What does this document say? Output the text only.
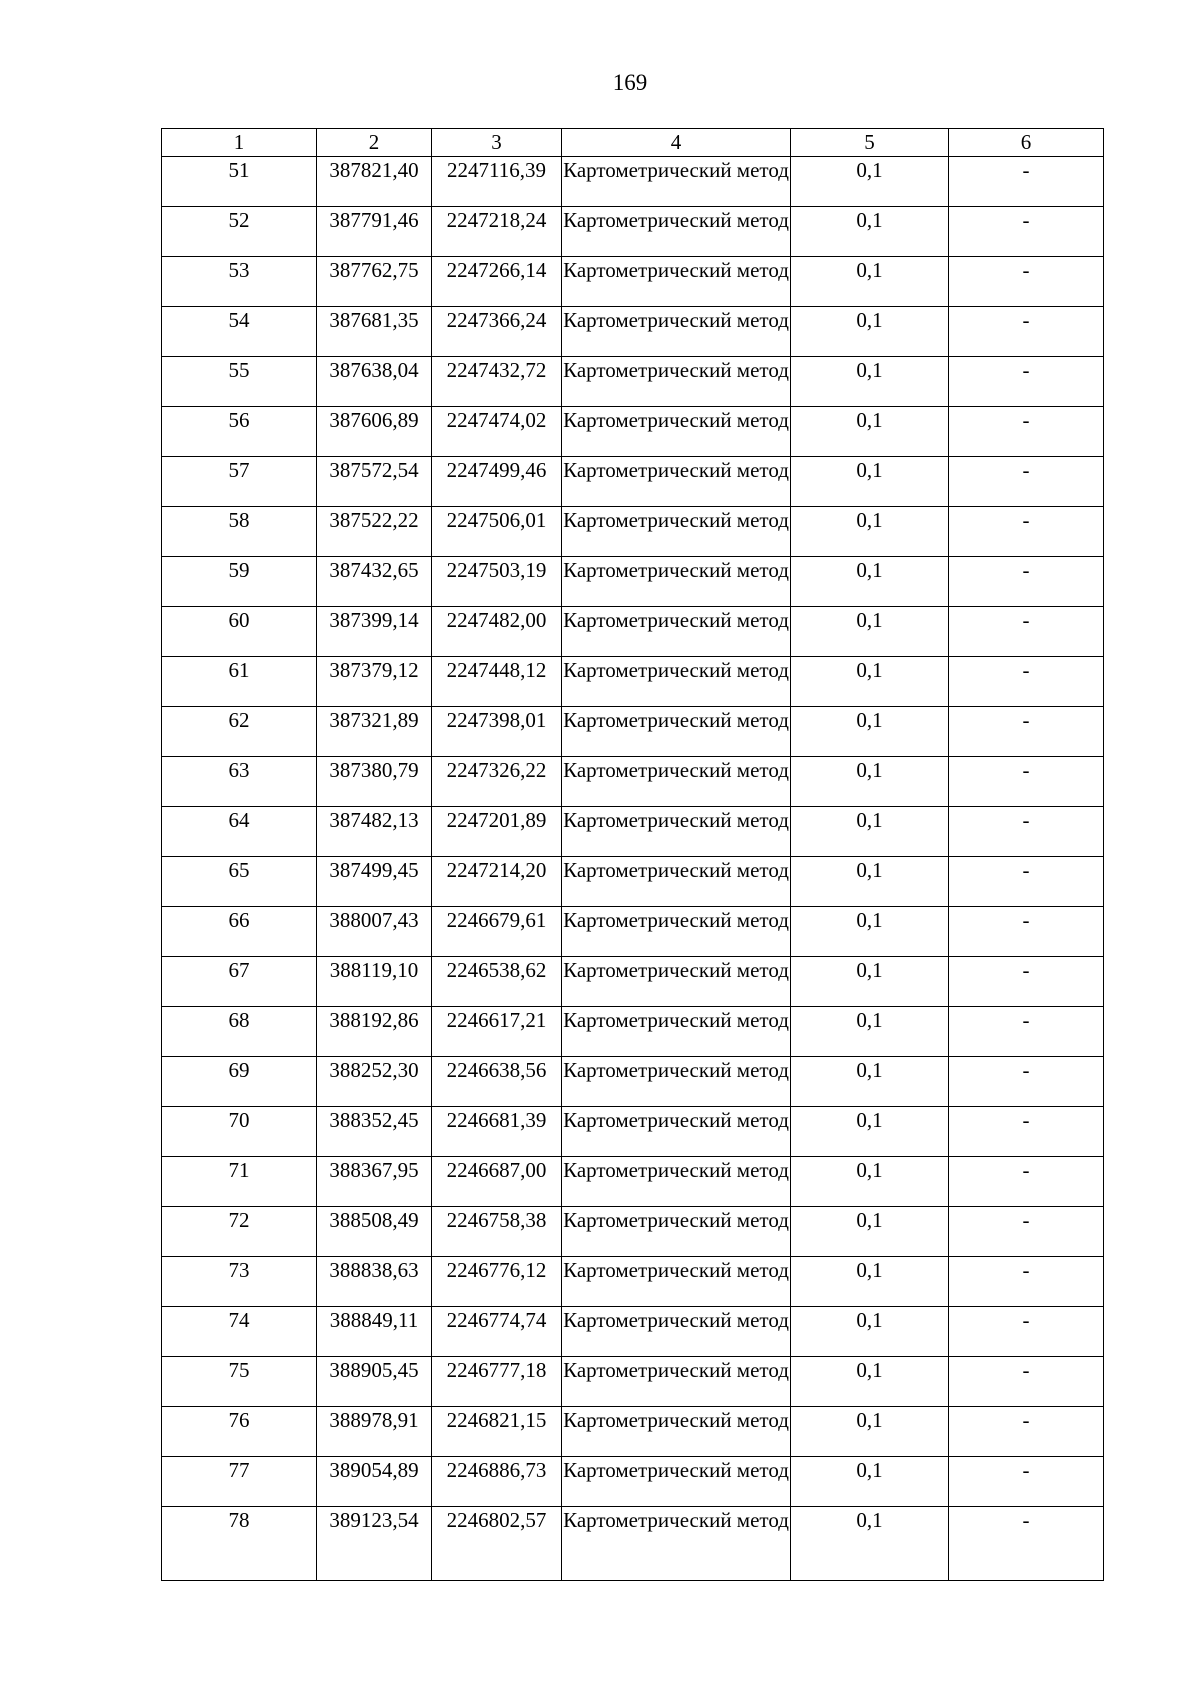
169
1	2	3	4	5	6
51	387821,40	2247116,39	Картометрический метод	0,1	-
52	387791,46	2247218,24	Картометрический метод	0,1	-
53	387762,75	2247266,14	Картометрический метод	0,1	-
54	387681,35	2247366,24	Картометрический метод	0,1	-
55	387638,04	2247432,72	Картометрический метод	0,1	-
56	387606,89	2247474,02	Картометрический метод	0,1	-
57	387572,54	2247499,46	Картометрический метод	0,1	-
58	387522,22	2247506,01	Картометрический метод	0,1	-
59	387432,65	2247503,19	Картометрический метод	0,1	-
60	387399,14	2247482,00	Картометрический метод	0,1	-
61	387379,12	2247448,12	Картометрический метод	0,1	-
62	387321,89	2247398,01	Картометрический метод	0,1	-
63	387380,79	2247326,22	Картометрический метод	0,1	-
64	387482,13	2247201,89	Картометрический метод	0,1	-
65	387499,45	2247214,20	Картометрический метод	0,1	-
66	388007,43	2246679,61	Картометрический метод	0,1	-
67	388119,10	2246538,62	Картометрический метод	0,1	-
68	388192,86	2246617,21	Картометрический метод	0,1	-
69	388252,30	2246638,56	Картометрический метод	0,1	-
70	388352,45	2246681,39	Картометрический метод	0,1	-
71	388367,95	2246687,00	Картометрический метод	0,1	-
72	388508,49	2246758,38	Картометрический метод	0,1	-
73	388838,63	2246776,12	Картометрический метод	0,1	-
74	388849,11	2246774,74	Картометрический метод	0,1	-
75	388905,45	2246777,18	Картометрический метод	0,1	-
76	388978,91	2246821,15	Картометрический метод	0,1	-
77	389054,89	2246886,73	Картометрический метод	0,1	-
78	389123,54	2246802,57	Картометрический метод	0,1	-
